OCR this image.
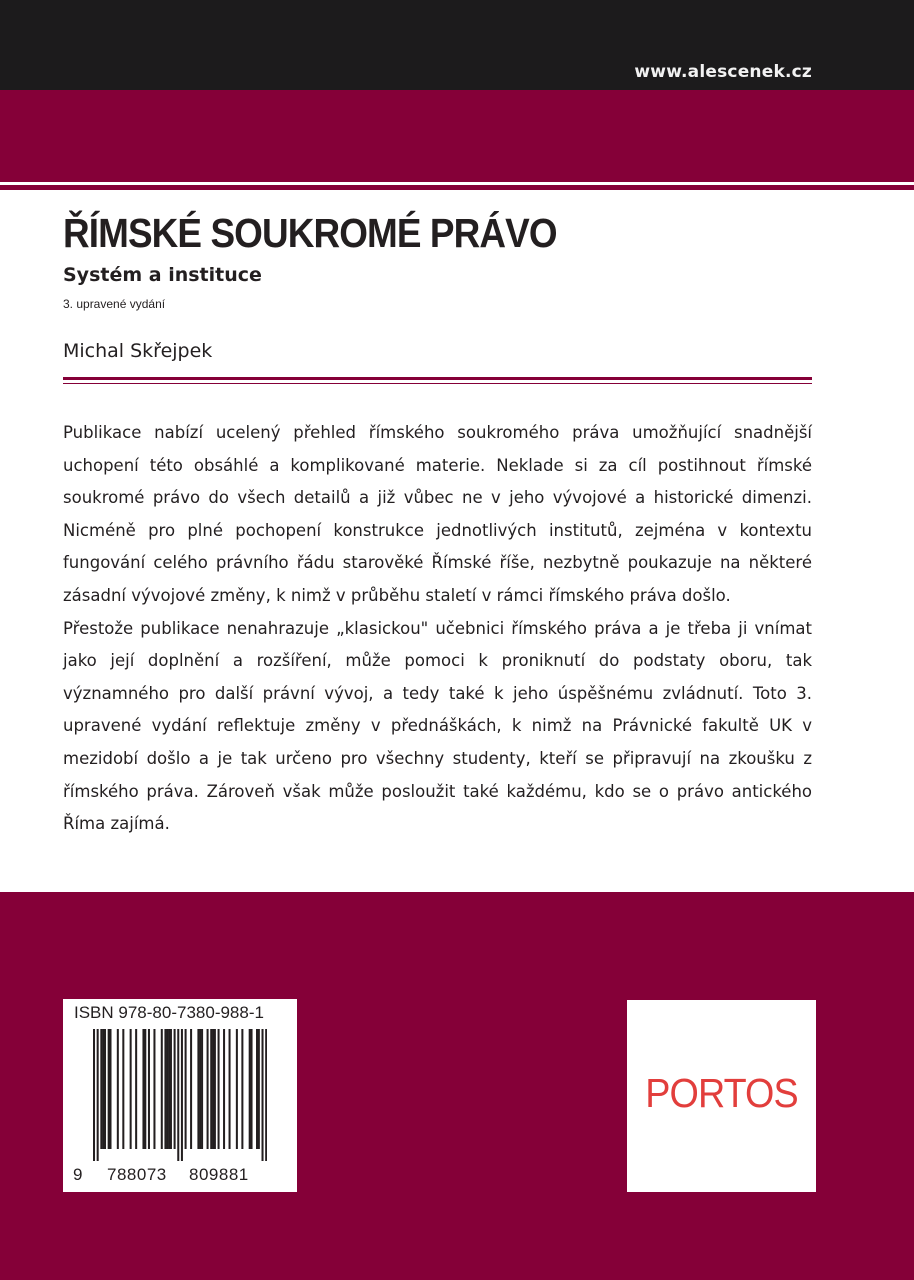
www.alescenek.cz
ŘÍMSKÉ SOUKROMÉ PRÁVO
Systém a instituce
3. upravené vydání
Michal Skřejpek

Publikace nabízí ucelený přehled římského soukromého práva umožňující snadnější uchopení této obsáhlé a komplikované materie. Neklade si za cíl postihnout římské soukromé právo do všech detailů a již vůbec ne v jeho vývojové a historické dimenzi. Nicméně pro plné pochopení konstrukce jednotlivých institutů, zejména v kontextu fungování celého právního řádu starověké Římské říše, nezbytně poukazuje na některé zásadní vývojové změny, k nimž v průběhu staletí v rámci římského práva došlo.

Přestože publikace nenahrazuje „klasickou" učebnici římského práva a je třeba ji vnímat jako její doplnění a rozšíření, může pomoci k proniknutí do podstaty oboru, tak významného pro další právní vývoj, a tedy také k jeho úspěšnému zvládnutí. Toto 3. upravené vydání reflektuje změny v přednáškách, k nimž na Právnické fakultě UK v mezidobí došlo a je tak určeno pro všechny studenty, kteří se připravují na zkoušku z římského práva. Zároveň však může posloužit také každému, kdo se o právo antického Říma zajímá.

ISBN 978-80-7380-988-1
9 788073 809881
PORTOS
